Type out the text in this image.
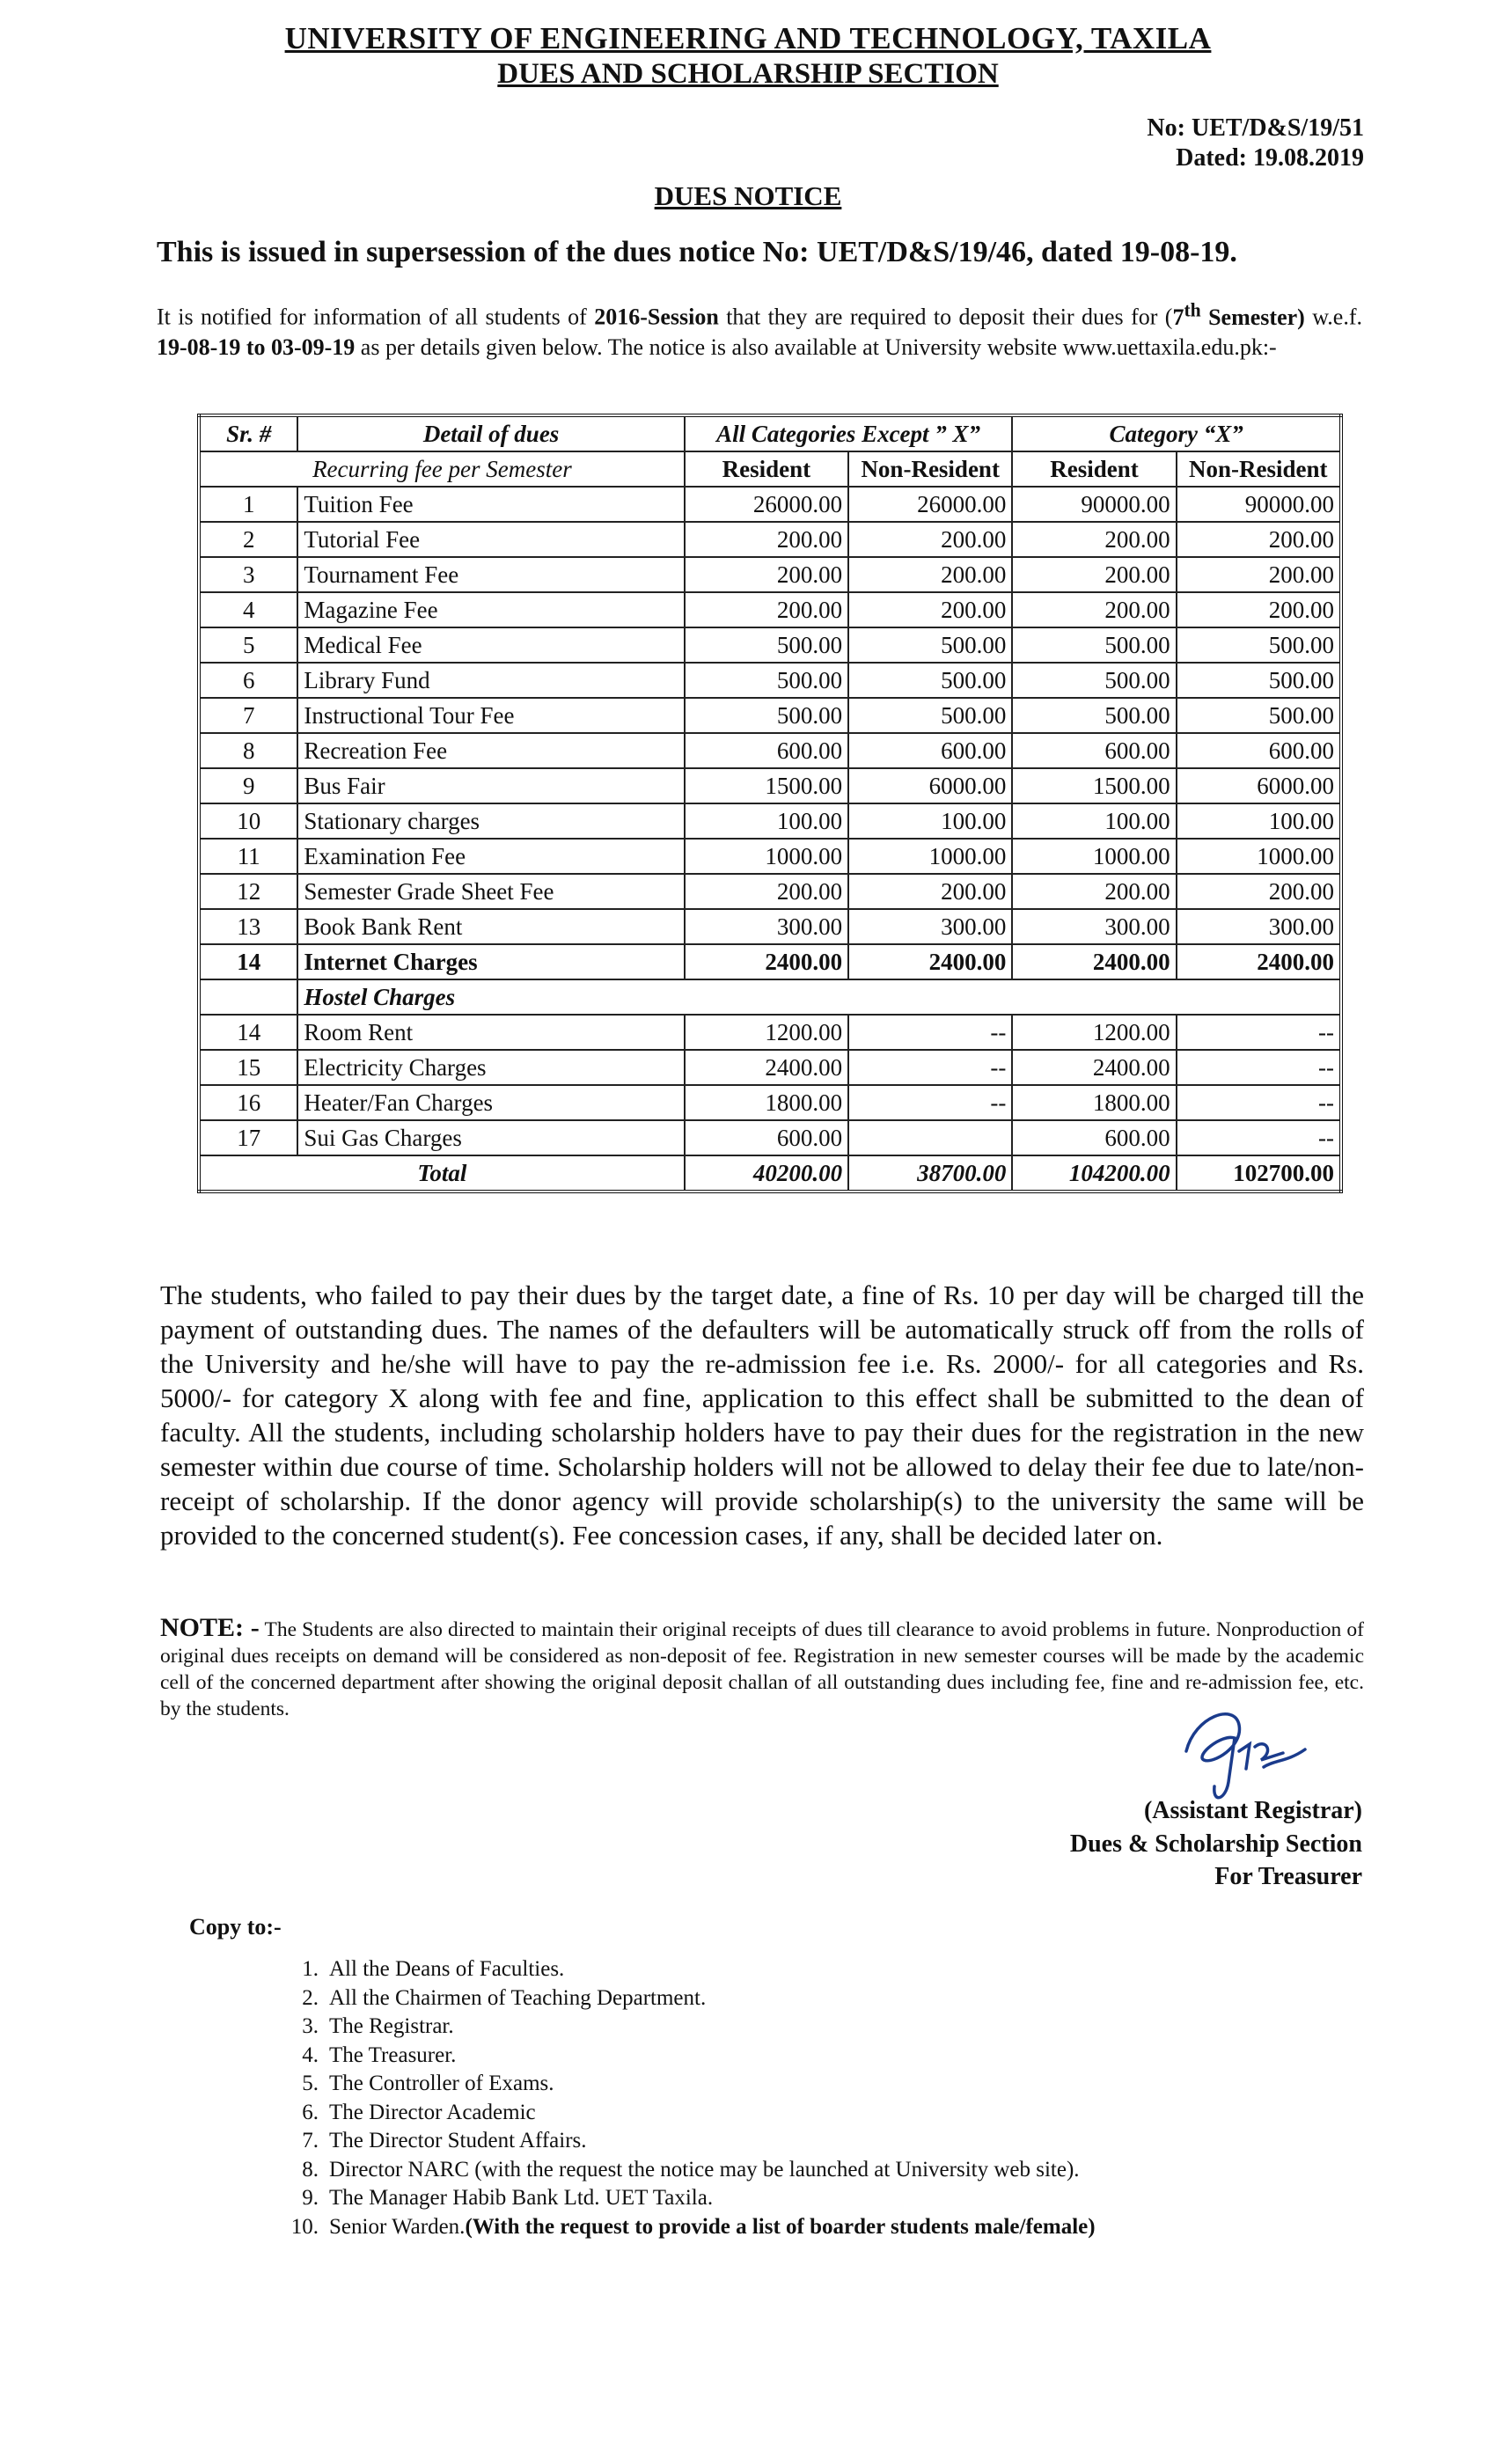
UNIVERSITY OF ENGINEERING AND TECHNOLOGY, TAXILA
DUES AND SCHOLARSHIP SECTION
No: UET/D&S/19/51
Dated: 19.08.2019
DUES NOTICE
This is issued in supersession of the dues notice No: UET/D&S/19/46, dated 19-08-19.
It is notified for information of all students of 2016-Session that they are required to deposit their dues for (7th Semester) w.e.f. 19-08-19 to 03-09-19 as per details given below. The notice is also available at University website www.uettaxila.edu.pk:-
Sr. #	Detail of dues	All Categories Except ” X”		Category “X”	
Recurring fee per Semester		Resident	Non-Resident	Resident	Non-Resident
1	Tuition Fee	26000.00	26000.00	90000.00	90000.00
2	Tutorial Fee	200.00	200.00	200.00	200.00
3	Tournament Fee	200.00	200.00	200.00	200.00
4	Magazine Fee	200.00	200.00	200.00	200.00
5	Medical Fee	500.00	500.00	500.00	500.00
6	Library Fund	500.00	500.00	500.00	500.00
7	Instructional Tour Fee	500.00	500.00	500.00	500.00
8	Recreation Fee	600.00	600.00	600.00	600.00
9	Bus Fair	1500.00	6000.00	1500.00	6000.00
10	Stationary charges	100.00	100.00	100.00	100.00
11	Examination Fee	1000.00	1000.00	1000.00	1000.00
12	Semester Grade Sheet Fee	200.00	200.00	200.00	200.00
13	Book Bank Rent	300.00	300.00	300.00	300.00
14	Internet Charges	2400.00	2400.00	2400.00	2400.00
	Hostel Charges				
14	Room Rent	1200.00	--	1200.00	--
15	Electricity Charges	2400.00	--	2400.00	--
16	Heater/Fan Charges	1800.00	--	1800.00	--
17	Sui Gas Charges	600.00		600.00	--
Total		40200.00	38700.00	104200.00	102700.00
The students, who failed to pay their dues by the target date, a fine of Rs. 10 per day will be charged till the payment of outstanding dues. The names of the defaulters will be automatically struck off from the rolls of the University and he/she will have to pay the re-admission fee i.e. Rs. 2000/- for all categories and Rs. 5000/- for category X along with fee and fine, application to this effect shall be submitted to the dean of faculty. All the students, including scholarship holders have to pay their dues for the registration in the new semester within due course of time. Scholarship holders will not be allowed to delay their fee due to late/non-receipt of scholarship. If the donor agency will provide scholarship(s) to the university the same will be provided to the concerned student(s). Fee concession cases, if any, shall be decided later on.
NOTE: - The Students are also directed to maintain their original receipts of dues till clearance to avoid problems in future. Nonproduction of original dues receipts on demand will be considered as non-deposit of fee. Registration in new semester courses will be made by the academic cell of the concerned department after showing the original deposit challan of all outstanding dues including fee, fine and re-admission fee, etc. by the students.
(Assistant Registrar)
Dues & Scholarship Section
For Treasurer
Copy to:-
1. All the Deans of Faculties.
2. All the Chairmen of Teaching Department.
3. The Registrar.
4. The Treasurer.
5. The Controller of Exams.
6. The Director Academic
7. The Director Student Affairs.
8. Director NARC (with the request the notice may be launched at University web site).
9. The Manager Habib Bank Ltd. UET Taxila.
10. Senior Warden. (With the request to provide a list of boarder students male/female)
